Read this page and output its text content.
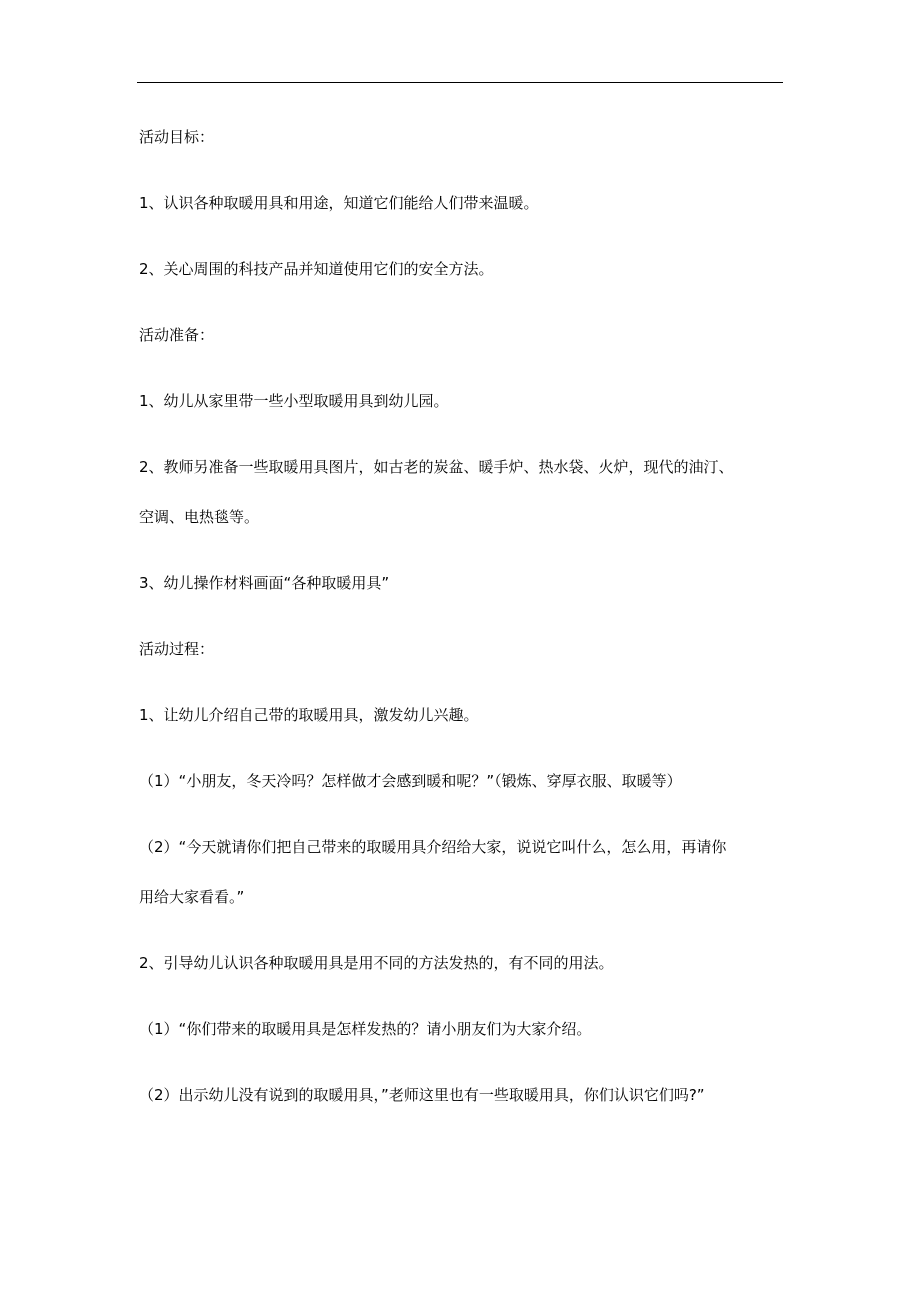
活动目标：
1、认识各种取暖用具和用途，知道它们能给人们带来温暖。
2、关心周围的科技产品并知道使用它们的安全方法。
活动准备：
1、幼儿从家里带一些小型取暖用具到幼儿园。
2、教师另准备一些取暖用具图片，如古老的炭盆、暖手炉、热水袋、火炉，现代的油汀、
空调、电热毯等。
3、幼儿操作材料画面“各种取暖用具”
活动过程：
1、让幼儿介绍自己带的取暖用具，激发幼儿兴趣。
（1）“小朋友，冬天冷吗？怎样做才会感到暖和呢？”（锻炼、穿厚衣服、取暖等）
（2）“今天就请你们把自己带来的取暖用具介绍给大家，说说它叫什么，怎么用，再请你
用给大家看看。”
2、引导幼儿认识各种取暖用具是用不同的方法发热的，有不同的用法。
（1）“你们带来的取暖用具是怎样发热的？请小朋友们为大家介绍。
（2）出示幼儿没有说到的取暖用具，”老师这里也有一些取暖用具，你们认识它们吗?”
